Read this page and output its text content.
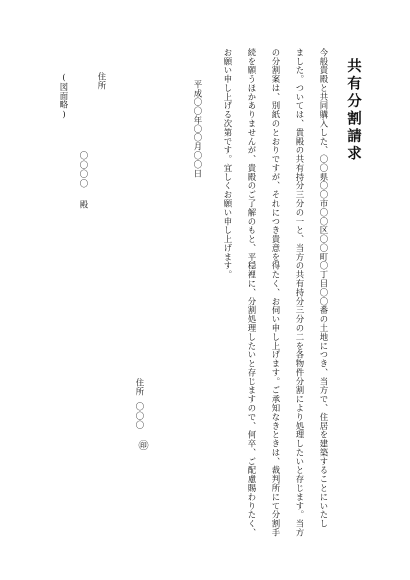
共有分割請求
今般貴殿と共同購入した、〇〇県〇〇市〇〇区〇〇町〇丁目〇〇番の土地につき、当方で、住居を建築することにいたし
ました。ついては、貴殿の共有持分三分の一と、当方の共有持分三分の二を各物件分割により処理したいと存じます。当方
の分割案は、別紙のとおりですが、それにつき貴意を得たく、お伺い申し上げます。ご承知なきときは、裁判所にて分割手
続を願うほかありませんが、貴殿のご了解のもと、平穏裡に、分割処理したいと存じますので、何卒、ご配慮賜わりたく、
お願い申し上げる次第です。宜しくお願い申し上げます。
住所
〇〇〇
㊞
平成〇〇年〇〇月〇〇日
住所
〇〇〇〇
殿
(図面略)
